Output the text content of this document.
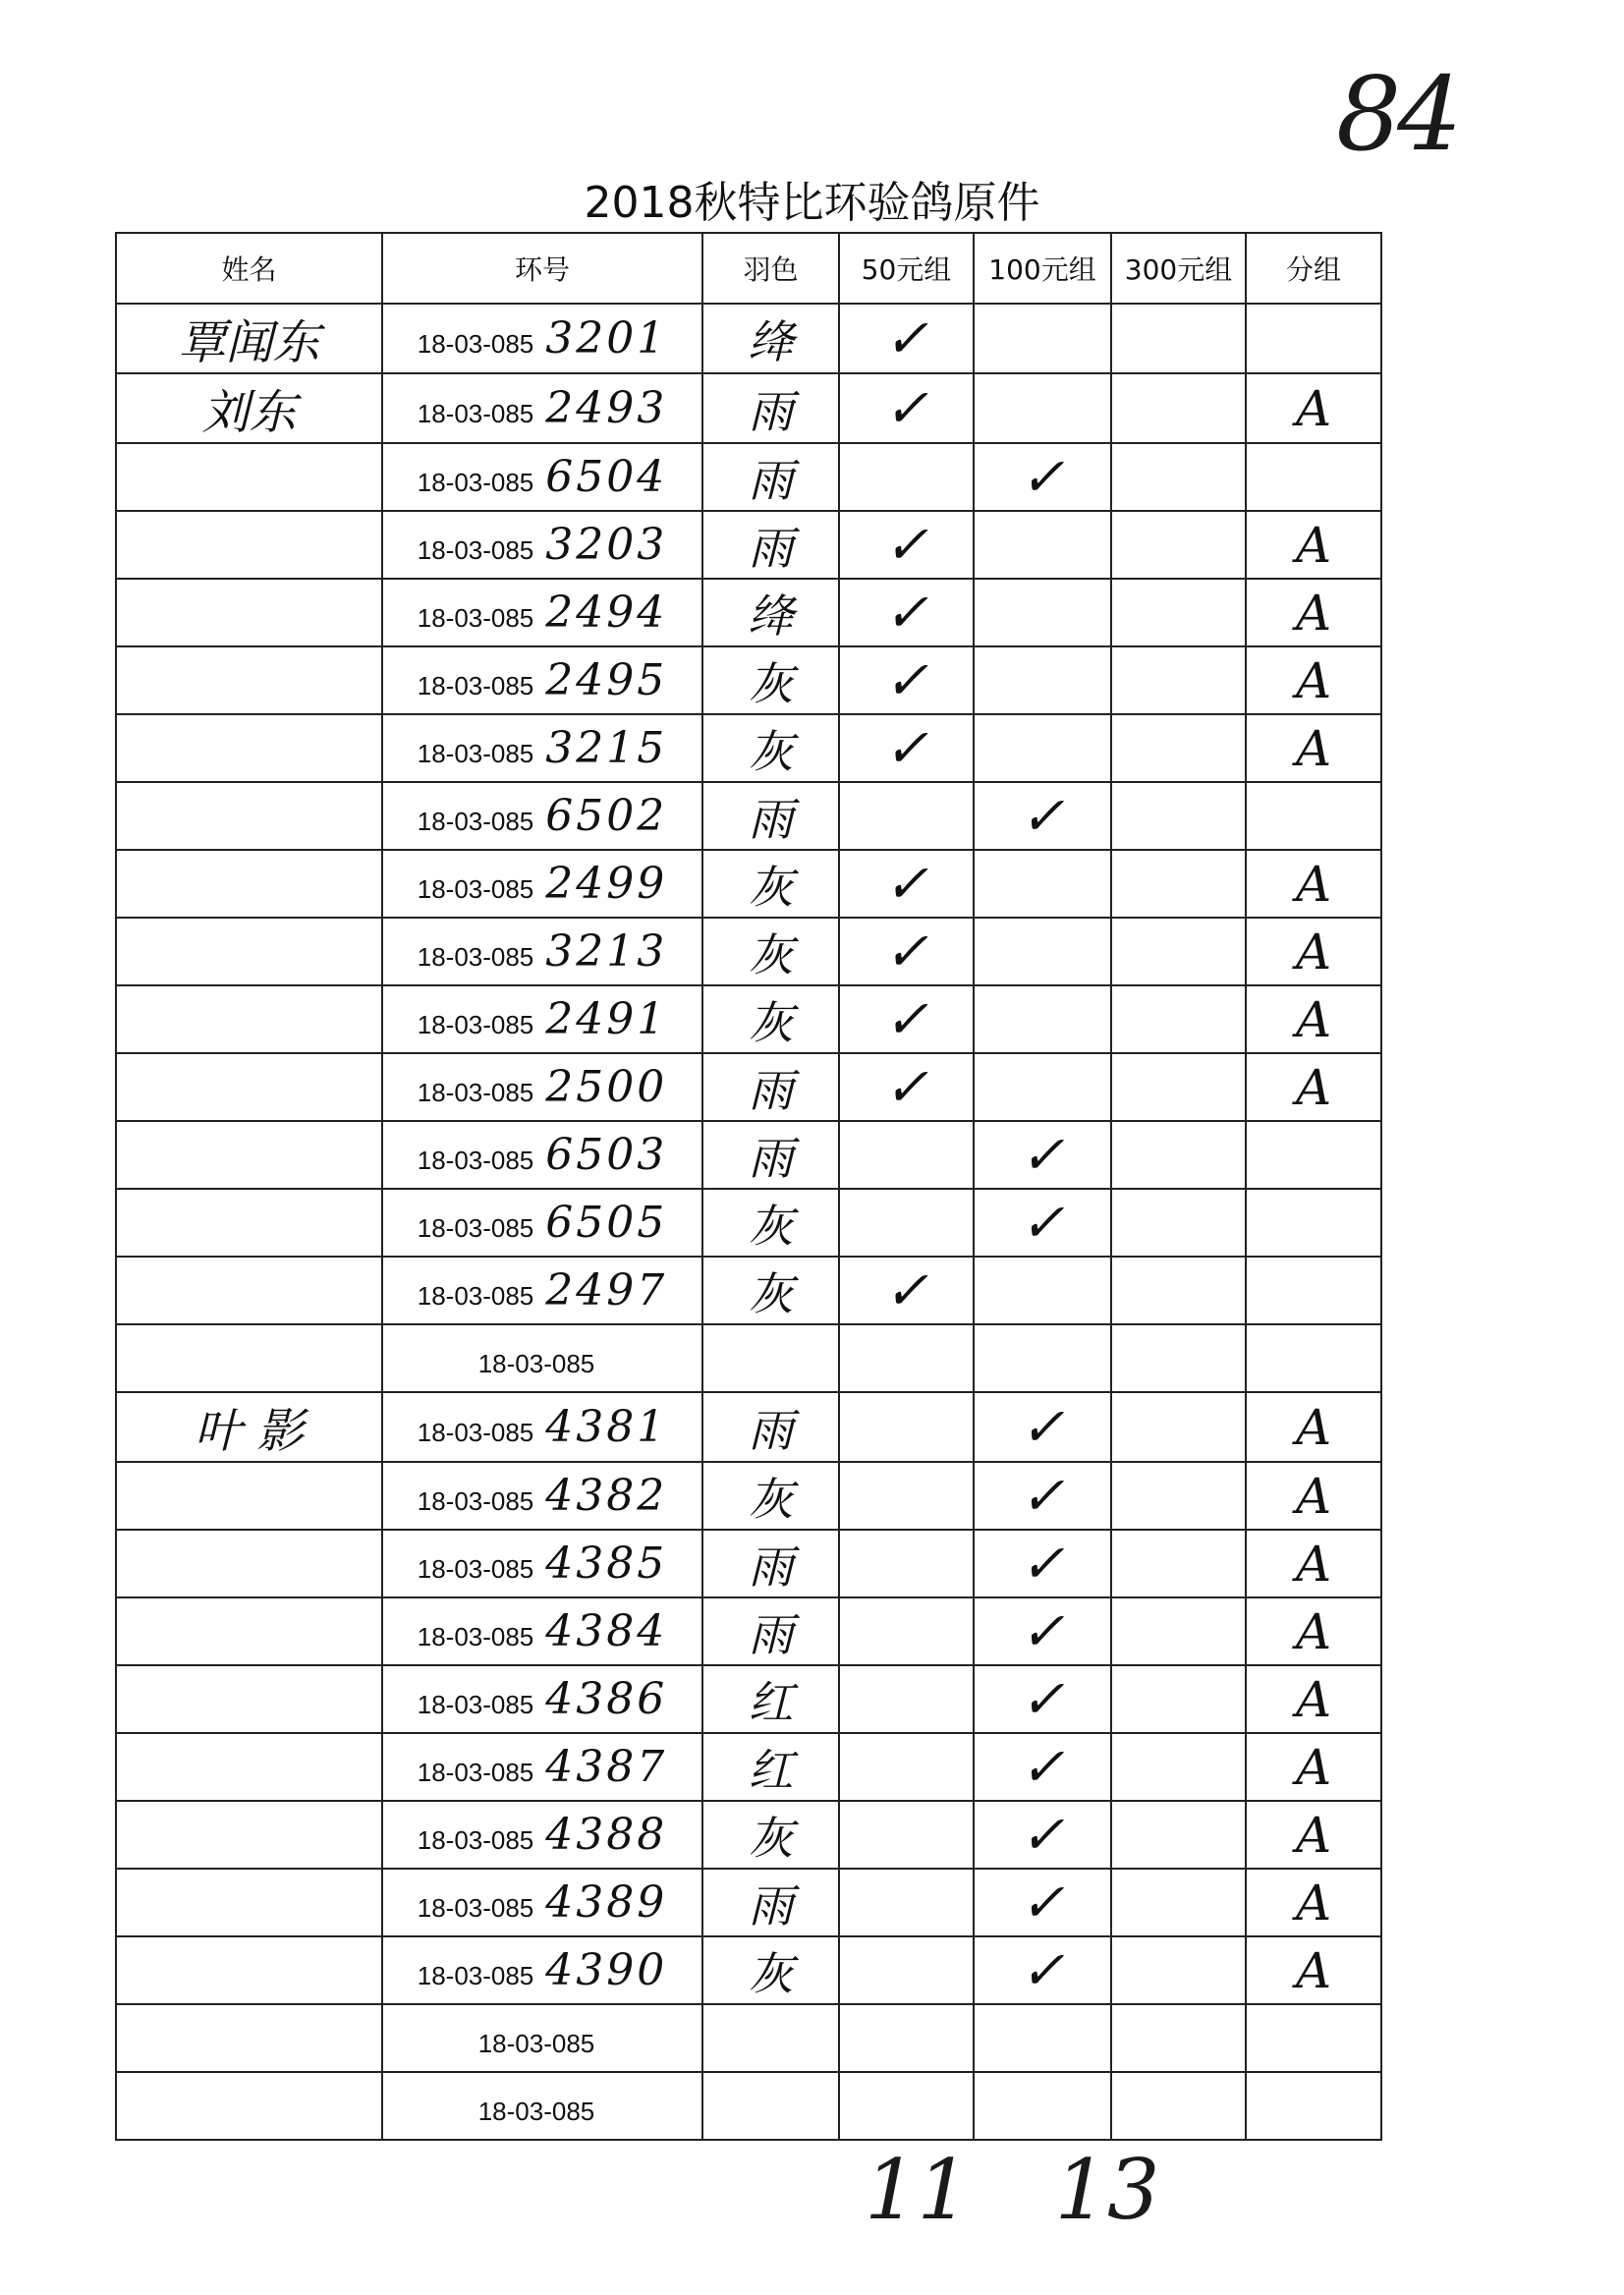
84
2018秋特比环验鸽原件
姓名	环号	羽色	50元组	100元组	300元组	分组
覃闻东	18-03-085 3201	绛	✓			
刘东	18-03-085 2493	雨	✓			A
	18-03-085 6504	雨		✓		
	18-03-085 3203	雨	✓			A
	18-03-085 2494	绛	✓			A
	18-03-085 2495	灰	✓			A
	18-03-085 3215	灰	✓			A
	18-03-085 6502	雨		✓		
	18-03-085 2499	灰	✓			A
	18-03-085 3213	灰	✓			A
	18-03-085 2491	灰	✓			A
	18-03-085 2500	雨	✓			A
	18-03-085 6503	雨		✓		
	18-03-085 6505	灰		✓		
	18-03-085 2497	灰	✓			
	18-03-085					
叶 影	18-03-085 4381	雨		✓		A
	18-03-085 4382	灰		✓		A
	18-03-085 4385	雨		✓		A
	18-03-085 4384	雨		✓		A
	18-03-085 4386	红		✓		A
	18-03-085 4387	红		✓		A
	18-03-085 4388	灰		✓		A
	18-03-085 4389	雨		✓		A
	18-03-085 4390	灰		✓		A
	18-03-085					
	18-03-085					
11 13
